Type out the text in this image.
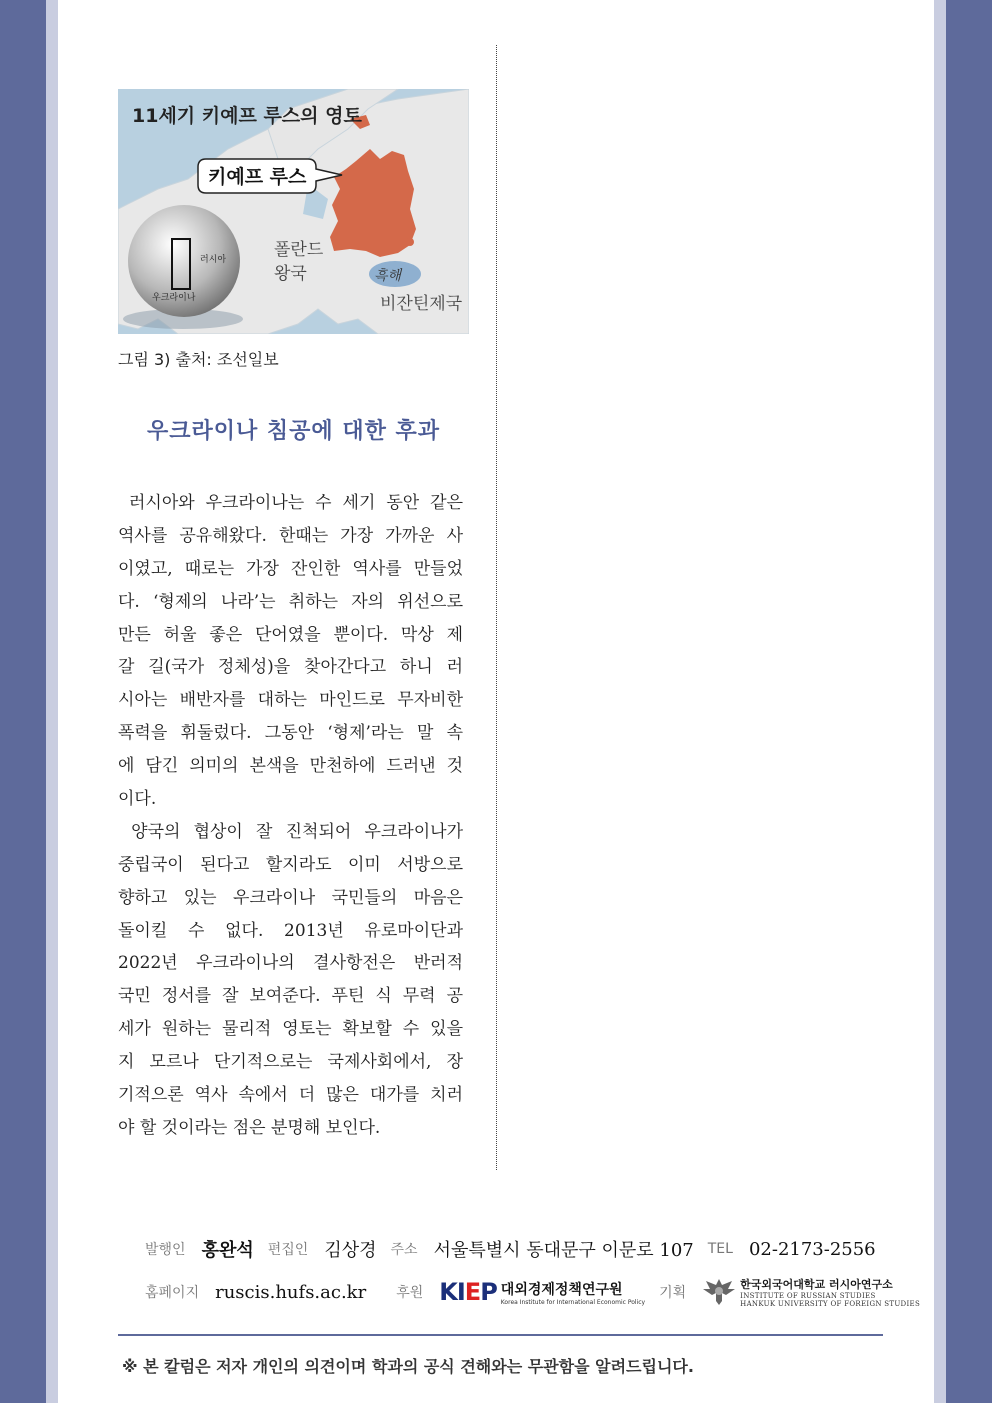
11세기 키예프 루스의 영토
키예프 루스
폴란드
왕국	흑해
비잔틴제국
러시아
우크라이나
그림 3) 출처: 조선일보
우크라이나 침공에 대한 후과
러시아와 우크라이나는 수 세기 동안 같은
역사를 공유해왔다. 한때는 가장 가까운 사
이였고, 때로는 가장 잔인한 역사를 만들었
다. ‘형제의 나라’는 취하는 자의 위선으로
만든 허울 좋은 단어였을 뿐이다. 막상 제
갈 길(국가 정체성)을 찾아간다고 하니 러
시아는 배반자를 대하는 마인드로 무자비한
폭력을 휘둘렀다. 그동안 ‘형제’라는 말 속
에 담긴 의미의 본색을 만천하에 드러낸 것
이다.
양국의 협상이 잘 진척되어 우크라이나가
중립국이 된다고 할지라도 이미 서방으로
향하고 있는 우크라이나 국민들의 마음은
돌이킬 수 없다. 2013년 유로마이단과
2022년 우크라이나의 결사항전은 반러적
국민 정서를 잘 보여준다. 푸틴 식 무력 공
세가 원하는 물리적 영토는 확보할 수 있을
지 모르나 단기적으로는 국제사회에서, 장
기적으론 역사 속에서 더 많은 대가를 치러
야 할 것이라는 점은 분명해 보인다.
발행인 홍완석 편집인 김상경 주소 서울특별시 동대문구 이문로 107 TEL 02-2173-2556
홈페이지 ruscis.hufs.ac.kr 후원 KIEP 대외경제정책연구원
Korea Institute for International Economic Policy
기획
한국외국어대학교 러시아연구소
INSTITUTE OF RUSSIAN STUDIES
HANKUK UNIVERSITY OF FOREIGN STUDIES
※ 본 칼럼은 저자 개인의 의견이며 학과의 공식 견해와는 무관함을 알려드립니다.
